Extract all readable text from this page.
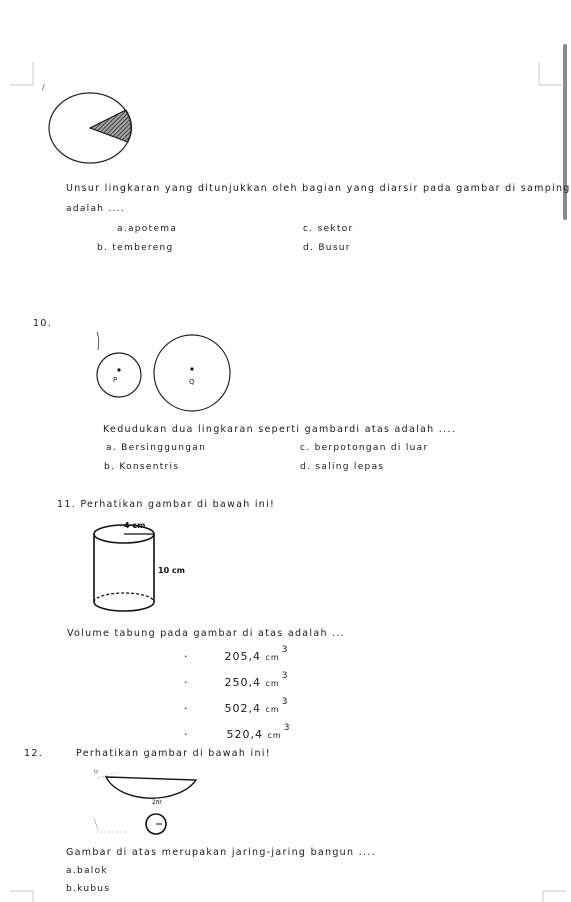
/
Unsur lingkaran yang ditunjukkan oleh bagian yang diarsir pada gambar di samping
adalah ....
a.apotema	c. sektor
b. tembereng	d. Busur
10.
P	Q
Kedudukan dua lingkaran seperti gambardi atas adalah ....
a. Bersinggungan	c. berpotongan di luar
b. Konsentris	d. saling lepas
11. Perhatikan gambar di bawah ini!
4 cm
10 cm
Volume tabung pada gambar di atas adalah ...
·	205,4 $cm^3$
·	250,4 $cm^3$
·	502,4 $cm^3$
·	520,4 $cm^3$
12.	Perhatikan gambar di bawah ini!
u
2πr
Gambar di atas merupakan jaring-jaring bangun ....
a.balok
b.kubus
